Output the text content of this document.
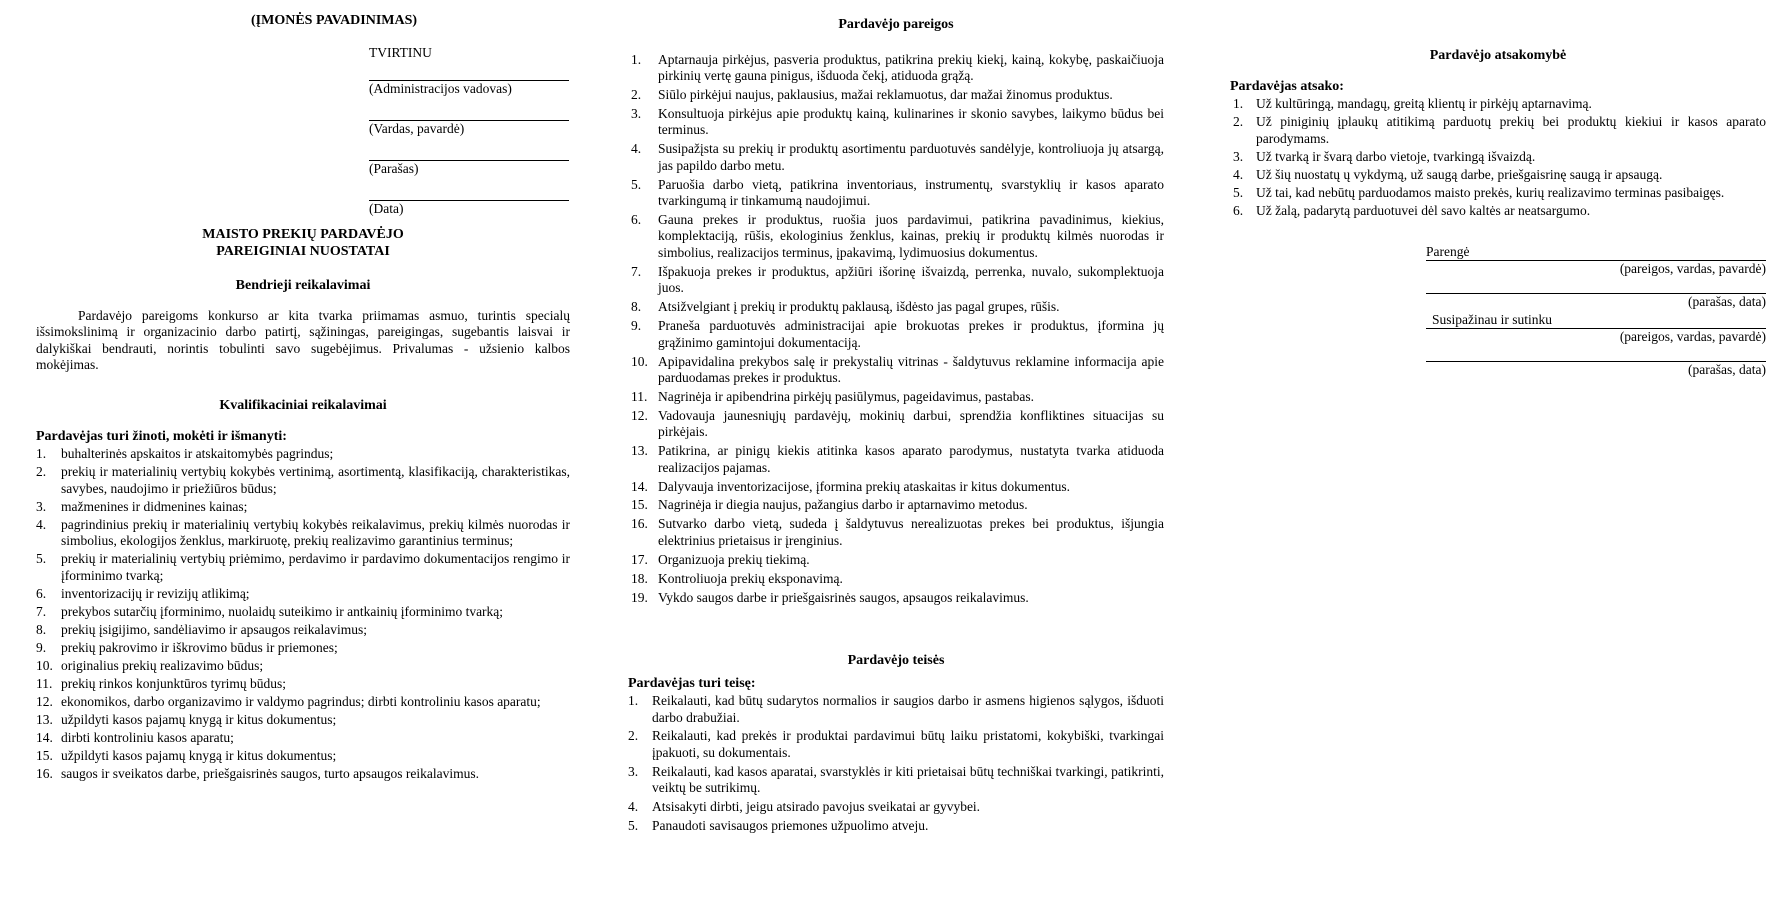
(ĮMONĖS PAVADINIMAS)
TVIRTINU
(Administracijos vadovas)
(Vardas, pavardė)
(Parašas)
(Data)
MAISTO PREKIŲ PARDAVĖJO
PAREIGINIAI NUOSTATAI
Bendrieji reikalavimai
Pardavėjo pareigoms konkurso ar kita tvarka priimamas asmuo, turintis specialų išsimokslinimą ir organizacinio darbo patirtį, sąžiningas, pareigingas, sugebantis laisvai ir dalykiškai bendrauti, norintis tobulinti savo sugebėjimus. Privalumas - užsienio kalbos mokėjimas.
Kvalifikaciniai reikalavimai
Pardavėjas turi žinoti, mokėti ir išmanyti:
1. buhalterinės apskaitos ir atskaitomybės pagrindus;
2. prekių ir materialinių vertybių kokybės vertinimą, asortimentą, klasifikaciją, charakteristikas, savybes, naudojimo ir priežiūros būdus;
3. mažmenines ir didmenines kainas;
4. pagrindinius prekių ir materialinių vertybių kokybės reikalavimus, prekių kilmės nuorodas ir simbolius, ekologijos ženklus, markiruotę, prekių realizavimo garantinius terminus;
5. prekių ir materialinių vertybių priėmimo, perdavimo ir pardavimo dokumentacijos rengimo ir įforminimo tvarką;
6. inventorizacijų ir revizijų atlikimą;
7. prekybos sutarčių įforminimo, nuolaidų suteikimo ir antkainių įforminimo tvarką;
8. prekių įsigijimo, sandėliavimo ir apsaugos reikalavimus;
9. prekių pakrovimo ir iškrovimo būdus ir priemones;
10. originalius prekių realizavimo būdus;
11. prekių rinkos konjunktūros tyrimų būdus;
12. ekonomikos, darbo organizavimo ir valdymo pagrindus; dirbti kontroliniu kasos aparatu;
13. užpildyti kasos pajamų knygą ir kitus dokumentus;
14. dirbti kontroliniu kasos aparatu;
15. užpildyti kasos pajamų knygą ir kitus dokumentus;
16. saugos ir sveikatos darbe, priešgaisrinės saugos, turto apsaugos reikalavimus.
Pardavėjo pareigos
1. Aptarnauja pirkėjus, pasveria produktus, patikrina prekių kiekį, kainą, kokybę, paskaičiuoja pirkinių vertę gauna pinigus, išduoda čekį, atiduoda grąžą.
2. Siūlo pirkėjui naujus, paklausius, mažai reklamuotus, dar mažai žinomus produktus.
3. Konsultuoja pirkėjus apie produktų kainą, kulinarines ir skonio savybes, laikymo būdus bei terminus.
4. Susipažįsta su prekių ir produktų asortimentu parduotuvės sandėlyje, kontroliuoja jų atsargą, jas papildo darbo metu.
5. Paruošia darbo vietą, patikrina inventoriaus, instrumentų, svarstyklių ir kasos aparato tvarkingumą ir tinkamumą naudojimui.
6. Gauna prekes ir produktus, ruošia juos pardavimui, patikrina pavadinimus, kiekius, komplektaciją, rūšis, ekologinius ženklus, kainas, prekių ir produktų kilmės nuorodas ir simbolius, realizacijos terminus, įpakavimą, lydimuosius dokumentus.
7. Išpakuoja prekes ir produktus, apžiūri išorinę išvaizdą, perrenka, nuvalo, sukomplektuoja juos.
8. Atsižvelgiant į prekių ir produktų paklausą, išdėsto jas pagal grupes, rūšis.
9. Praneša parduotuvės administracijai apie brokuotas prekes ir produktus, įformina jų grąžinimo gamintojui dokumentaciją.
10. Apipavidalina prekybos salę ir prekystalių vitrinas - šaldytuvus reklamine informacija apie parduodamas prekes ir produktus.
11. Nagrinėja ir apibendrina pirkėjų pasiūlymus, pageidavimus, pastabas.
12. Vadovauja jaunesniųjų pardavėjų, mokinių darbui, sprendžia konfliktines situacijas su pirkėjais.
13. Patikrina, ar pinigų kiekis atitinka kasos aparato parodymus, nustatyta tvarka atiduoda realizacijos pajamas.
14. Dalyvauja inventorizacijose, įformina prekių ataskaitas ir kitus dokumentus.
15. Nagrinėja ir diegia naujus, pažangius darbo ir aptarnavimo metodus.
16. Sutvarko darbo vietą, sudeda į šaldytuvus nerealizuotas prekes bei produktus, išjungia elektrinius prietaisus ir įrenginius.
17. Organizuoja prekių tiekimą.
18. Kontroliuoja prekių eksponavimą.
19. Vykdo saugos darbe ir priešgaisrinės saugos, apsaugos reikalavimus.
Pardavėjo teisės
Pardavėjas turi teisę:
1. Reikalauti, kad būtų sudarytos normalios ir saugios darbo ir asmens higienos sąlygos, išduoti darbo drabužiai.
2. Reikalauti, kad prekės ir produktai pardavimui būtų laiku pristatomi, kokybiški, tvarkingai įpakuoti, su dokumentais.
3. Reikalauti, kad kasos aparatai, svarstyklės ir kiti prietaisai būtų techniškai tvarkingi, patikrinti, veiktų be sutrikimų.
4. Atsisakyti dirbti, jeigu atsirado pavojus sveikatai ar gyvybei.
5. Panaudoti savisaugos priemones užpuolimo atveju.
Pardavėjo atsakomybė
Pardavėjas atsako:
1. Už kultūringą, mandagų, greitą klientų ir pirkėjų aptarnavimą.
2. Už piniginių įplaukų atitikimą parduotų prekių bei produktų kiekiui ir kasos aparato parodymams.
3. Už tvarką ir švarą darbo vietoje, tvarkingą išvaizdą.
4. Už šių nuostatų ų vykdymą, už saugą darbe, priešgaisrinę saugą ir apsaugą.
5. Už tai, kad nebūtų parduodamos maisto prekės, kurių realizavimo terminas pasibaigęs.
6. Už žalą, padarytą parduotuvei dėl savo kaltės ar neatsargumo.
Parengė
(pareigos, vardas, pavardė)
(parašas, data)
Susipažinau ir sutinku
(pareigos, vardas, pavardė)
(parašas, data)
